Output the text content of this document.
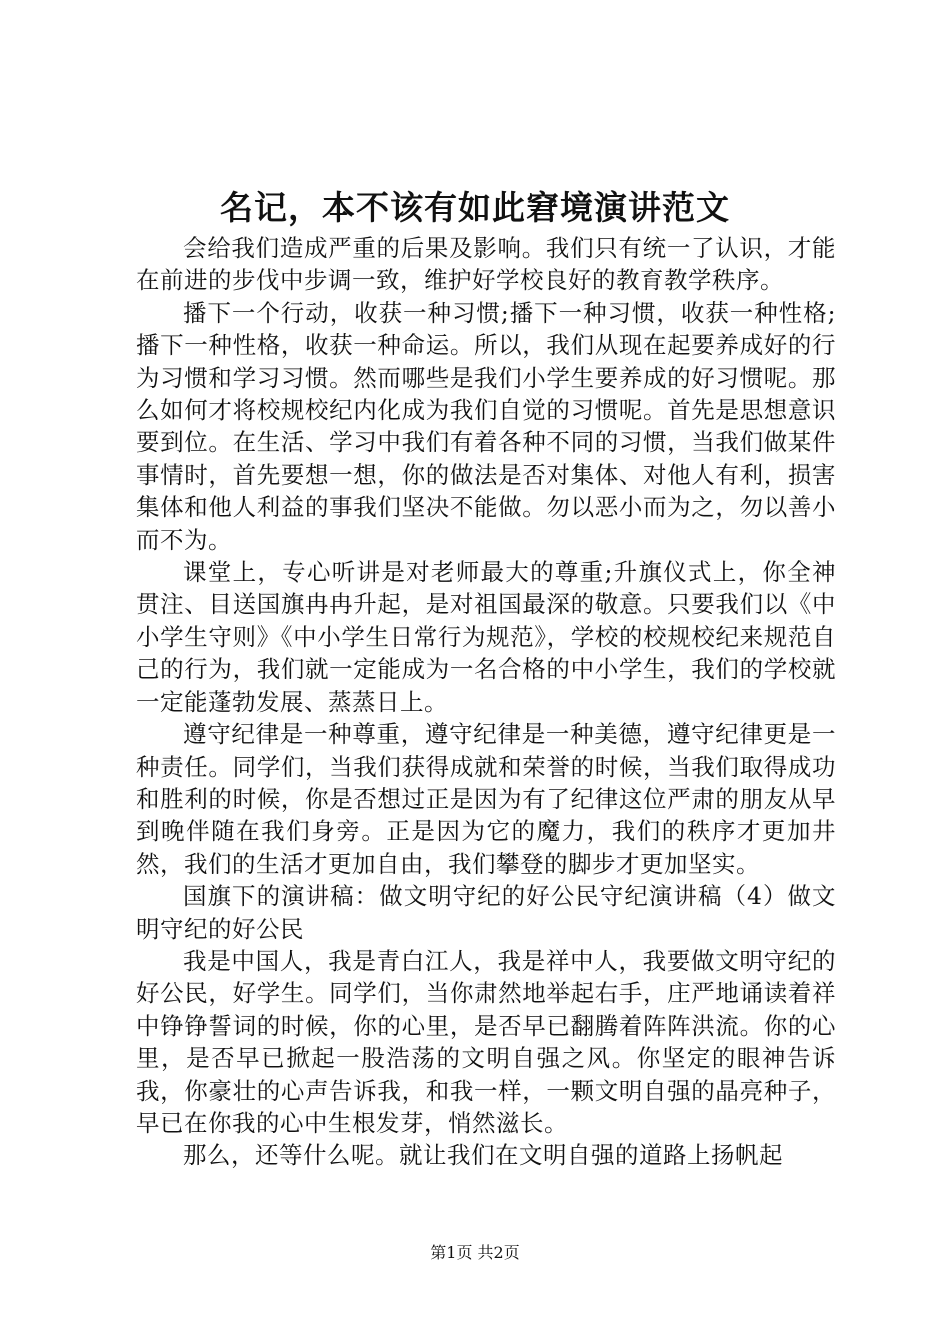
名记，本不该有如此窘境演讲范文

会给我们造成严重的后果及影响。我们只有统一了认识，才能在前进的步伐中步调一致，维护好学校良好的教育教学秩序。

播下一个行动，收获一种习惯;播下一种习惯，收获一种性格;播下一种性格，收获一种命运。所以，我们从现在起要养成好的行为习惯和学习习惯。然而哪些是我们小学生要养成的好习惯呢。那么如何才将校规校纪内化成为我们自觉的习惯呢。首先是思想意识要到位。在生活、学习中我们有着各种不同的习惯，当我们做某件事情时，首先要想一想，你的做法是否对集体、对他人有利，损害集体和他人利益的事我们坚决不能做。勿以恶小而为之，勿以善小而不为。

课堂上，专心听讲是对老师最大的尊重;升旗仪式上，你全神贯注、目送国旗冉冉升起，是对祖国最深的敬意。只要我们以《中小学生守则》《中小学生日常行为规范》，学校的校规校纪来规范自己的行为，我们就一定能成为一名合格的中小学生，我们的学校就一定能蓬勃发展、蒸蒸日上。

遵守纪律是一种尊重，遵守纪律是一种美德，遵守纪律更是一种责任。同学们，当我们获得成就和荣誉的时候，当我们取得成功和胜利的时候，你是否想过正是因为有了纪律这位严肃的朋友从早到晚伴随在我们身旁。正是因为它的魔力，我们的秩序才更加井然，我们的生活才更加自由，我们攀登的脚步才更加坚实。

国旗下的演讲稿：做文明守纪的好公民守纪演讲稿（4）做文明守纪的好公民

我是中国人，我是青白江人，我是祥中人，我要做文明守纪的好公民，好学生。同学们，当你肃然地举起右手，庄严地诵读着祥中铮铮誓词的时候，你的心里，是否早已翻腾着阵阵洪流。你的心里，是否早已掀起一股浩荡的文明自强之风。你坚定的眼神告诉我，你豪壮的心声告诉我，和我一样，一颗文明自强的晶亮种子，早已在你我的心中生根发芽，悄然滋长。

那么，还等什么呢。就让我们在文明自强的道路上扬帆起

第1页 共2页
